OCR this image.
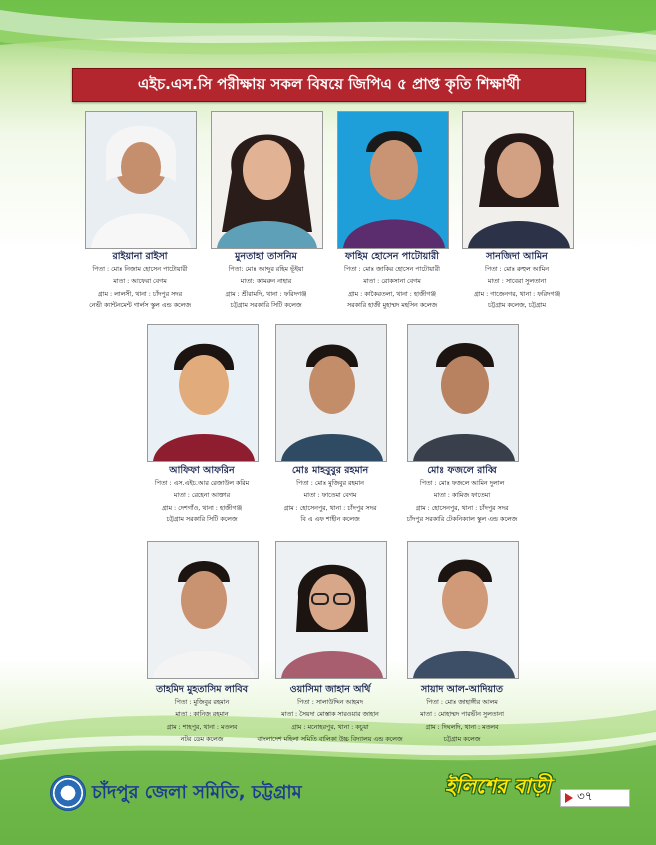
এইচ.এস.সি পরীক্ষায় সকল বিষয়ে জিপিএ ৫ প্রাপ্ত কৃতি শিক্ষার্থী
রাইয়ানা রাইসা
পিতা : মোঃ নিজাম হোসেন পাটোয়ারী
মাতা : আফেরা বেগম
গ্রাম : লালসী, থানা : চাঁদপুর সদর
নেভী ক্যান্টনমেন্ট গার্লস স্কুল এন্ড কলেজ
মুনতাহা তাসনিম
পিতা: মোঃ আব্দুর রহিম ভূঁইয়া
মাতা: কামরুন নাহার
গ্রাম : শ্রীরামদি, থানা : ফরিদগঞ্জ
চট্টগ্রাম সরকারি সিটি কলেজ
ফাহিম হোসেন পাটোয়ারী
পিতা : মোঃ জাকির হোসেন পাটোয়ারী
মাতা : রোকসানা বেগম
গ্রাম : কাকৈরতলা, থানা : হাজীগঞ্জ
সরকারি হাজী মুহাম্মদ মহসিন কলেজ
সানজিদা আমিন
পিতা : মোঃ রুহুল আমিন
মাতা : সাবেরা সুলতানা
গ্রাম : গাজেনগর, থানা : ফরিদগঞ্জ
চট্টগ্রাম কলেজ, চট্টগ্রাম
আফিফা আফরিন
পিতা : এস.এইচ.আর রেজাউল করিম
মাতা : রেহেনা আক্তার
গ্রাম : দেশগাঁও, থানা : হাজীগঞ্জ
চট্টগ্রাম সরকারি সিটি কলেজ
মোঃ মাহবুবুর রহমান
পিতা : মোঃ মুজিবুর রহমান
মাতা : ফাতেমা বেগম
গ্রাম : হোসেনপুর, থানা : চাঁদপুর সদর
বি এ এফ শাহীন কলেজ
মোঃ ফজলে রাব্বি
পিতা : মোঃ ফজলে আমিন দুলাল
মাতা : কামিজ ফাতেমা
গ্রাম : হোসেনপুর, থানা : চাঁদপুর সদর
চাঁদপুর সরকারি টেকনিক্যাল স্কুল এন্ড কলেজ
তাহমিদ মুহতাসিম লাবিব
পিতা : মুজিবুর রহমান
মাতা : কানিজ রহমান
গ্রাম : শাহপুর, থানা : মতলব
নটর ডেম কলেজ
ওয়াসিমা জাহান অর্থি
পিতা : সালাউদ্দিন আহমদ
মাতা : সৈয়দা মোস্তাক সারওয়ার জাহান
গ্রাম : মনোহরপুর, থানা : কচুয়া
বাংলাদেশ মহিলা সমিতি বালিকা উচ্চ বিদ্যালয় এন্ড কলেজ
সায়াদ আল-আদিয়াত
পিতা : মোঃ জাহাঙ্গীর আলম
মাতা : মোহাম্মদ পারভীন সুলতানা
গ্রাম : দিঘলদি, থানা : মতলব
চট্টগ্রাম কলেজ
চাঁদপুর জেলা সমিতি, চট্টগ্রাম	ইলিশের বাড়ী ৩৭
